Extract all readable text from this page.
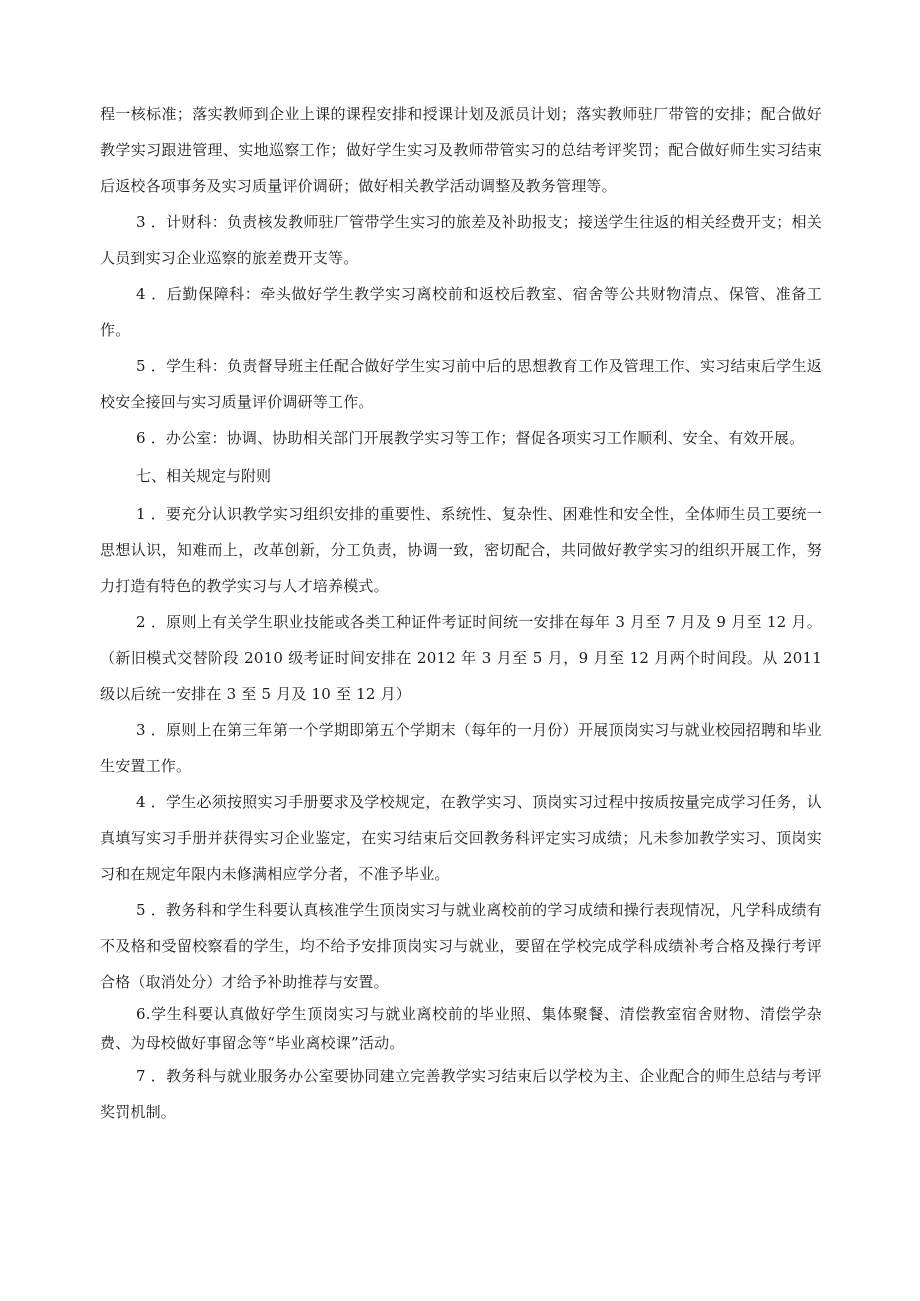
程一核标准；落实教师到企业上课的课程安排和授课计划及派员计划；落实教师驻厂带管的安排；配合做好教学实习跟进管理、实地巡察工作；做好学生实习及教师带管实习的总结考评奖罚；配合做好师生实习结束后返校各项事务及实习质量评价调研；做好相关教学活动调整及教务管理等。

3 ．计财科：负责核发教师驻厂管带学生实习的旅差及补助报支；接送学生往返的相关经费开支；相关人员到实习企业巡察的旅差费开支等。

4 ．后勤保障科：牵头做好学生教学实习离校前和返校后教室、宿舍等公共财物清点、保管、准备工作。

5 ．学生科：负责督导班主任配合做好学生实习前中后的思想教育工作及管理工作、实习结束后学生返校安全接回与实习质量评价调研等工作。

6 ．办公室：协调、协助相关部门开展教学实习等工作；督促各项实习工作顺利、安全、有效开展。

七、相关规定与附则

1 ．要充分认识教学实习组织安排的重要性、系统性、复杂性、困难性和安全性，全体师生员工要统一思想认识，知难而上，改革创新，分工负责，协调一致，密切配合，共同做好教学实习的组织开展工作，努力打造有特色的教学实习与人才培养模式。

2 ．原则上有关学生职业技能或各类工种证件考证时间统一安排在每年 3 月至 7 月及 9 月至 12 月。（新旧模式交替阶段 2010 级考证时间安排在 2012 年 3 月至 5 月，9 月至 12 月两个时间段。从 2011 级以后统一安排在 3 至 5 月及 10 至 12 月）

3 ．原则上在第三年第一个学期即第五个学期末（每年的一月份）开展顶岗实习与就业校园招聘和毕业生安置工作。

4 ．学生必须按照实习手册要求及学校规定，在教学实习、顶岗实习过程中按质按量完成学习任务，认真填写实习手册并获得实习企业鉴定，在实习结束后交回教务科评定实习成绩；凡未参加教学实习、顶岗实习和在规定年限内未修满相应学分者，不准予毕业。

5 ．教务科和学生科要认真核准学生顶岗实习与就业离校前的学习成绩和操行表现情况，凡学科成绩有不及格和受留校察看的学生，均不给予安排顶岗实习与就业，要留在学校完成学科成绩补考合格及操行考评合格（取消处分）才给予补助推荐与安置。

6.学生科要认真做好学生顶岗实习与就业离校前的毕业照、集体聚餐、清偿教室宿舍财物、清偿学杂费、为母校做好事留念等“毕业离校课”活动。

7 ．教务科与就业服务办公室要协同建立完善教学实习结束后以学校为主、企业配合的师生总结与考评奖罚机制。
